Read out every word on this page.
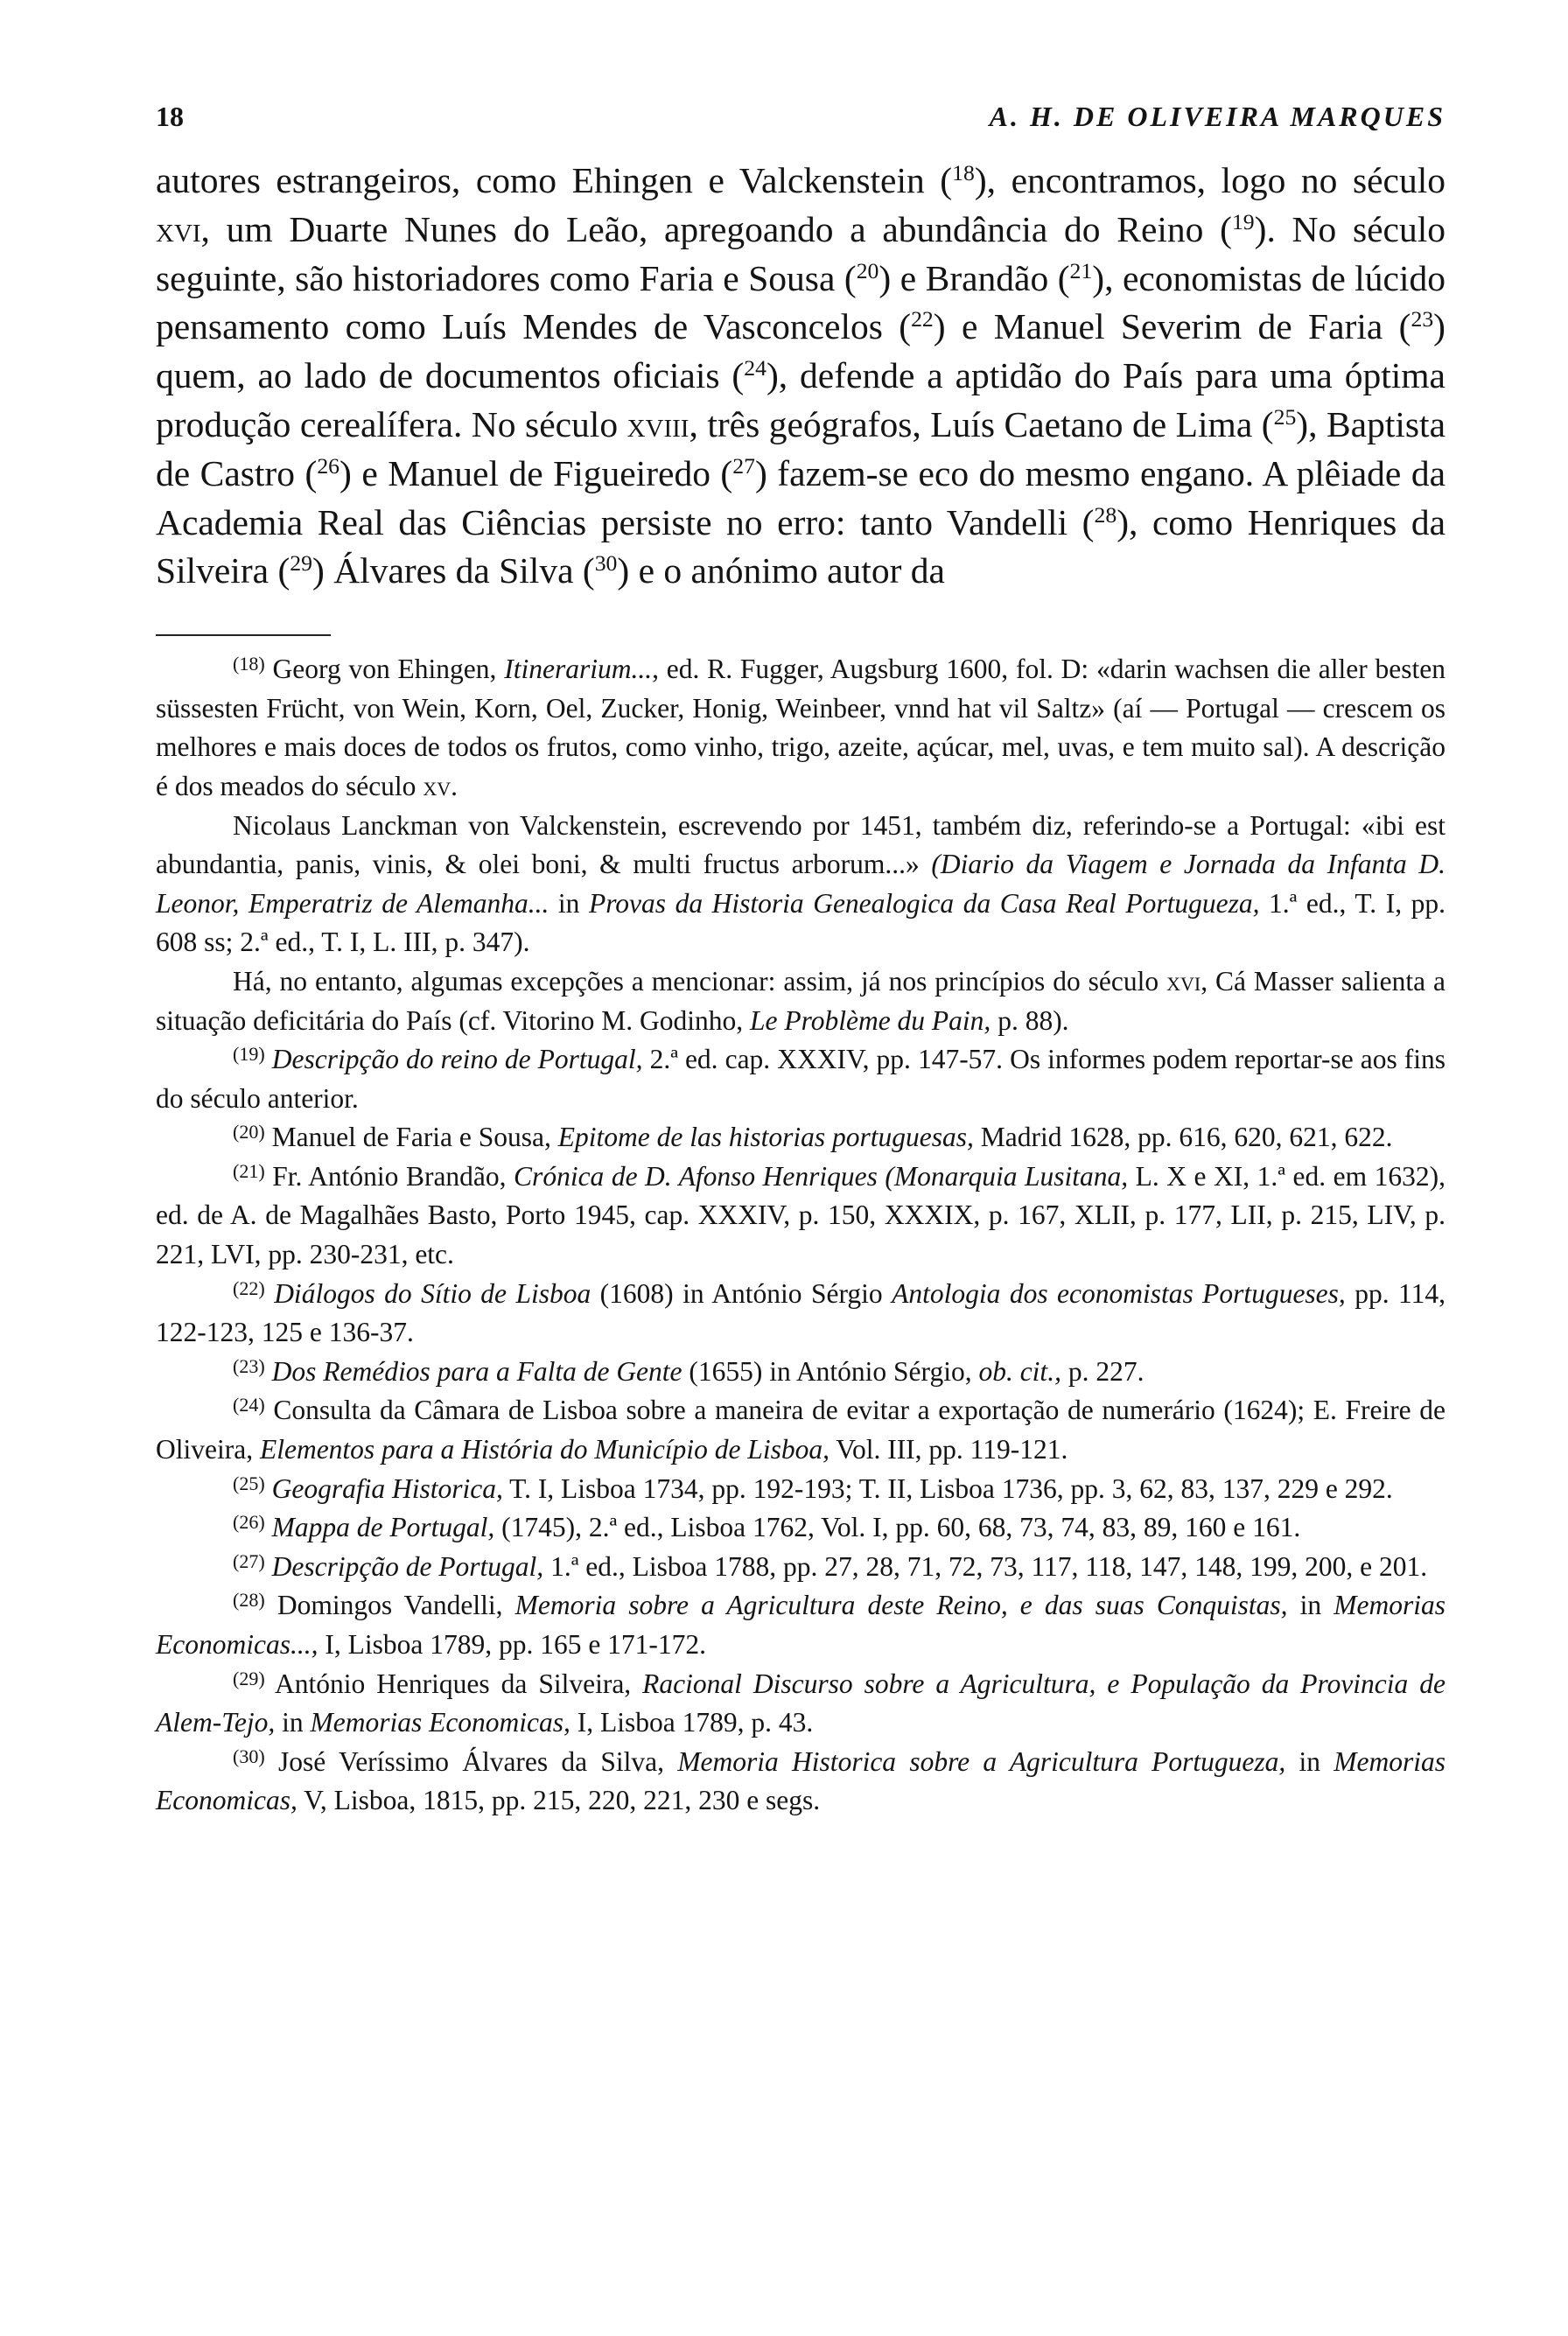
18	A. H. DE OLIVEIRA MARQUES

autores estrangeiros, como Ehingen e Valckenstein ($^{18}$), encontramos, logo no século xvi, um Duarte Nunes do Leão, apregoando a abundância do Reino ($^{19}$). No século seguinte, são historiadores como Faria e Sousa ($^{20}$) e Brandão ($^{21}$), economistas de lúcido pensamento como Luís Mendes de Vasconcelos ($^{22}$) e Manuel Severim de Faria ($^{23}$) quem, ao lado de documentos oficiais ($^{24}$), defende a aptidão do País para uma óptima produção cerealífera. No século xviii, três geógrafos, Luís Caetano de Lima ($^{25}$), Baptista de Castro ($^{26}$) e Manuel de Figueiredo ($^{27}$) fazem-se eco do mesmo engano. A plêiade da Academia Real das Ciências persiste no erro: tanto Vandelli ($^{28}$), como Henriques da Silveira ($^{29}$) Álvares da Silva ($^{30}$) e o anónimo autor da

$^{(18)}$ Georg von Ehingen, Itinerarium..., ed. R. Fugger, Augsburg 1600, fol. D: «darin wachsen die aller besten süssesten Frücht, von Wein, Korn, Oel, Zucker, Honig, Weinbeer, vnnd hat vil Saltz» (aí — Portugal — crescem os melhores e mais doces de todos os frutos, como vinho, trigo, azeite, açúcar, mel, uvas, e tem muito sal). A descrição é dos meados do século xv.

Nicolaus Lanckman von Valckenstein, escrevendo por 1451, também diz, referindo-se a Portugal: «ibi est abundantia, panis, vinis, & olei boni, & multi fructus arborum...» (Diario da Viagem e Jornada da Infanta D. Leonor, Emperatriz de Alemanha... in Provas da Historia Genealogica da Casa Real Portugueza, 1.ª ed., T. I, pp. 608 ss; 2.ª ed., T. I, L. III, p. 347).

Há, no entanto, algumas excepções a mencionar: assim, já nos princípios do século xvi, Cá Masser salienta a situação deficitária do País (cf. Vitorino M. Godinho, Le Problème du Pain, p. 88).

$^{(19)}$ Descripção do reino de Portugal, 2.ª ed. cap. XXXIV, pp. 147-57. Os informes podem reportar-se aos fins do século anterior.

$^{(20)}$ Manuel de Faria e Sousa, Epitome de las historias portuguesas, Madrid 1628, pp. 616, 620, 621, 622.

$^{(21)}$ Fr. António Brandão, Crónica de D. Afonso Henriques (Monarquia Lusitana, L. X e XI, 1.ª ed. em 1632), ed. de A. de Magalhães Basto, Porto 1945, cap. XXXIV, p. 150, XXXIX, p. 167, XLII, p. 177, LII, p. 215, LIV, p. 221, LVI, pp. 230-231, etc.

$^{(22)}$ Diálogos do Sítio de Lisboa (1608) in António Sérgio Antologia dos economistas Portugueses, pp. 114, 122-123, 125 e 136-37.

$^{(23)}$ Dos Remédios para a Falta de Gente (1655) in António Sérgio, ob. cit., p. 227.

$^{(24)}$ Consulta da Câmara de Lisboa sobre a maneira de evitar a exportação de numerário (1624); E. Freire de Oliveira, Elementos para a História do Município de Lisboa, Vol. III, pp. 119-121.

$^{(25)}$ Geografia Historica, T. I, Lisboa 1734, pp. 192-193; T. II, Lisboa 1736, pp. 3, 62, 83, 137, 229 e 292.

$^{(26)}$ Mappa de Portugal, (1745), 2.ª ed., Lisboa 1762, Vol. I, pp. 60, 68, 73, 74, 83, 89, 160 e 161.

$^{(27)}$ Descripção de Portugal, 1.ª ed., Lisboa 1788, pp. 27, 28, 71, 72, 73, 117, 118, 147, 148, 199, 200, e 201.

$^{(28)}$ Domingos Vandelli, Memoria sobre a Agricultura deste Reino, e das suas Conquistas, in Memorias Economicas..., I, Lisboa 1789, pp. 165 e 171-172.

$^{(29)}$ António Henriques da Silveira, Racional Discurso sobre a Agricultura, e População da Provincia de Alem-Tejo, in Memorias Economicas, I, Lisboa 1789, p. 43.

$^{(30)}$ José Veríssimo Álvares da Silva, Memoria Historica sobre a Agricultura Portugueza, in Memorias Economicas, V, Lisboa, 1815, pp. 215, 220, 221, 230 e segs.
